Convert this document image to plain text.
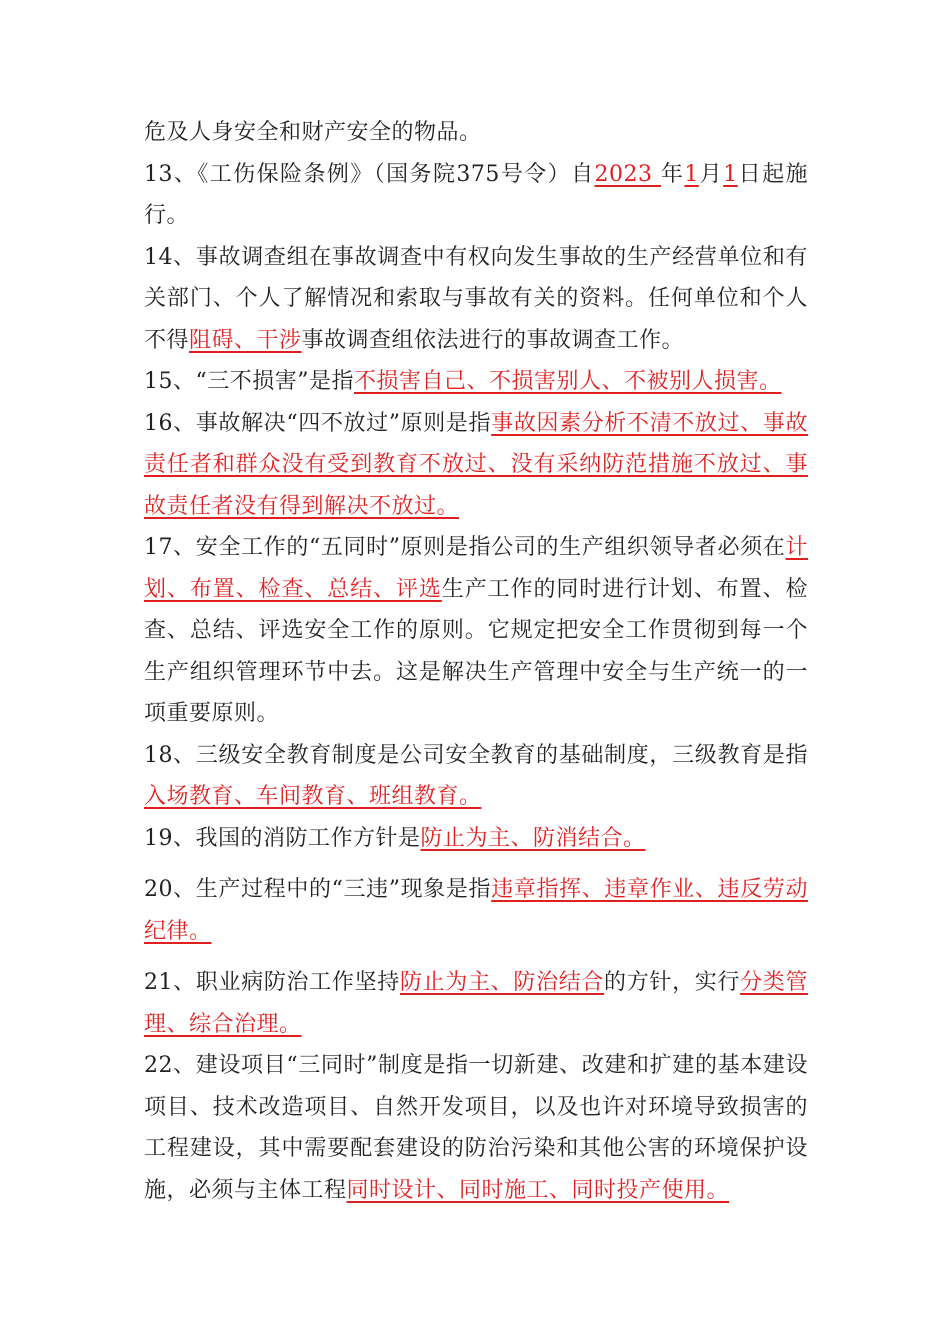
危及人身安全和财产安全的物品。

13、《工伤保险条例》（国务院375号令）自2023 年1月1日起施行。

14、事故调查组在事故调查中有权向发生事故的生产经营单位和有关部门、个人了解情况和索取与事故有关的资料。任何单位和个人不得阻碍、干涉事故调查组依法进行的事故调查工作。

15、“三不损害”是指不损害自己、不损害别人、不被别人损害。

16、事故解决“四不放过”原则是指事故因素分析不清不放过、事故责任者和群众没有受到教育不放过、没有采纳防范措施不放过、事故责任者没有得到解决不放过。

17、安全工作的“五同时”原则是指公司的生产组织领导者必须在计划、布置、检查、总结、评选生产工作的同时进行计划、布置、检查、总结、评选安全工作的原则。它规定把安全工作贯彻到每一个生产组织管理环节中去。这是解决生产管理中安全与生产统一的一项重要原则。

18、三级安全教育制度是公司安全教育的基础制度，三级教育是指入场教育、车间教育、班组教育。

19、我国的消防工作方针是防止为主、防消结合。

20、生产过程中的“三违”现象是指违章指挥、违章作业、违反劳动纪律。

21、职业病防治工作坚持防止为主、防治结合的方针，实行分类管理、综合治理。

22、建设项目“三同时”制度是指一切新建、改建和扩建的基本建设项目、技术改造项目、自然开发项目，以及也许对环境导致损害的工程建设，其中需要配套建设的防治污染和其他公害的环境保护设施，必须与主体工程同时设计、同时施工、同时投产使用。
